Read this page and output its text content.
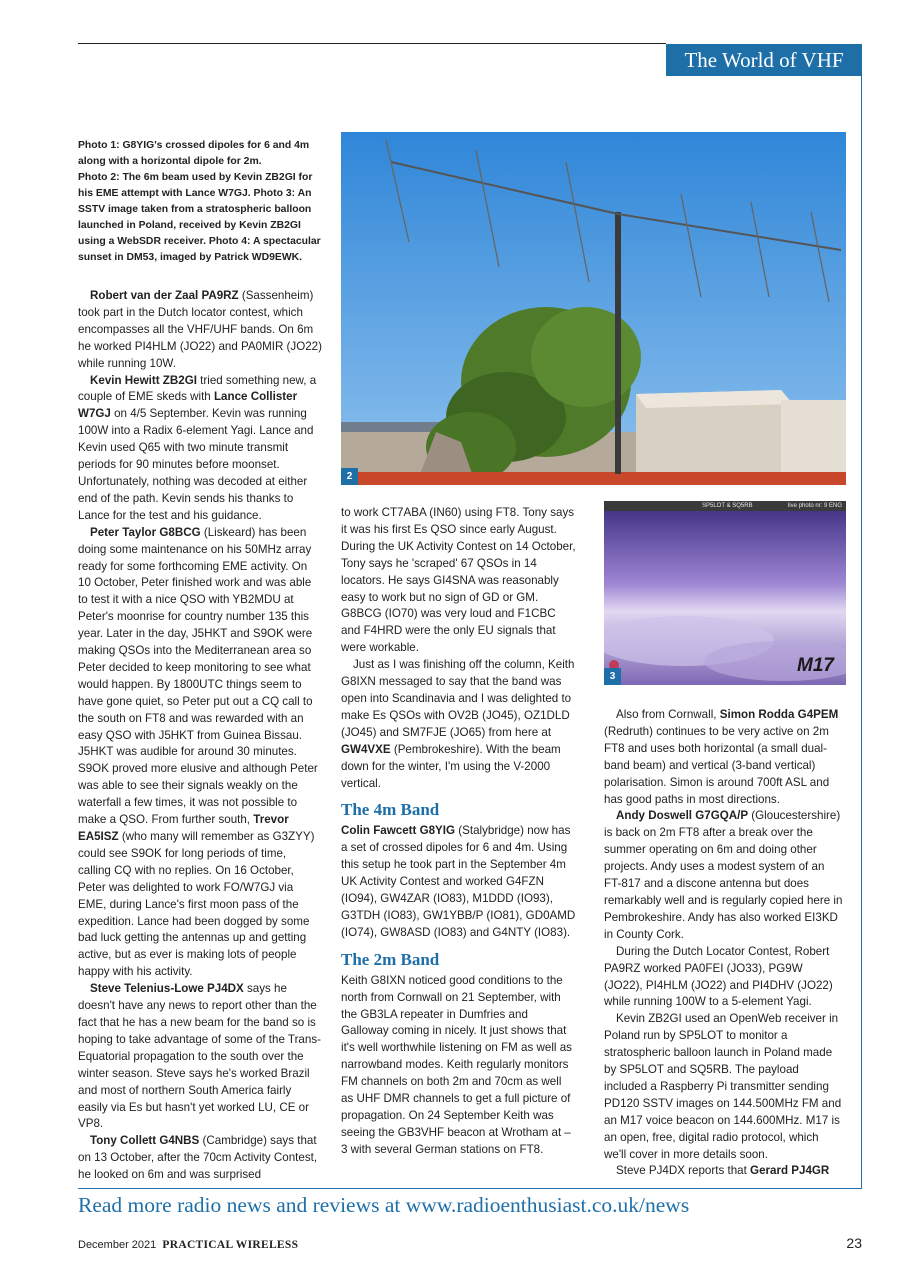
The World of VHF

Photo 1: G8YIG's crossed dipoles for 6 and 4m along with a horizontal dipole for 2m.

Photo 2: The 6m beam used by Kevin ZB2GI for his EME attempt with Lance W7GJ. Photo 3: An SSTV image taken from a stratospheric balloon launched in Poland, received by Kevin ZB2GI using a WebSDR receiver. Photo 4: A spectacular sunset in DM53, imaged by Patrick WD9EWK.

2
SP5LOT & SQ5RB	live photo nr: 9 ENG
M17
3

Robert van der Zaal PA9RZ (Sassenheim) took part in the Dutch locator contest, which encompasses all the VHF/UHF bands. On 6m he worked PI4HLM (JO22) and PA0MIR (JO22) while running 10W.

Kevin Hewitt ZB2GI tried something new, a couple of EME skeds with Lance Collister W7GJ on 4/5 September. Kevin was running 100W into a Radix 6-element Yagi. Lance and Kevin used Q65 with two minute transmit periods for 90 minutes before moonset. Unfortunately, nothing was decoded at either end of the path. Kevin sends his thanks to Lance for the test and his guidance.

Peter Taylor G8BCG (Liskeard) has been doing some maintenance on his 50MHz array ready for some forthcoming EME activity. On 10 October, Peter finished work and was able to test it with a nice QSO with YB2MDU at Peter's moonrise for country number 135 this year. Later in the day, J5HKT and S9OK were making QSOs into the Mediterranean area so Peter decided to keep monitoring to see what would happen. By 1800UTC things seem to have gone quiet, so Peter put out a CQ call to the south on FT8 and was rewarded with an easy QSO with J5HKT from Guinea Bissau. J5HKT was audible for around 30 minutes. S9OK proved more elusive and although Peter was able to see their signals weakly on the waterfall a few times, it was not possible to make a QSO. From further south, Trevor EA5ISZ (who many will remember as G3ZYY) could see S9OK for long periods of time, calling CQ with no replies. On 16 October, Peter was delighted to work FO/W7GJ via EME, during Lance's first moon pass of the expedition. Lance had been dogged by some bad luck getting the antennas up and getting active, but as ever is making lots of people happy with his activity.

Steve Telenius-Lowe PJ4DX says he doesn't have any news to report other than the fact that he has a new beam for the band so is hoping to take advantage of some of the Trans-Equatorial propagation to the south over the winter season. Steve says he's worked Brazil and most of northern South America fairly easily via Es but hasn't yet worked LU, CE or VP8.

Tony Collett G4NBS (Cambridge) says that on 13 October, after the 70cm Activity Contest, he looked on 6m and was surprised

to work CT7ABA (IN60) using FT8. Tony says it was his first Es QSO since early August. During the UK Activity Contest on 14 October, Tony says he 'scraped' 67 QSOs in 14 locators. He says GI4SNA was reasonably easy to work but no sign of GD or GM. G8BCG (IO70) was very loud and F1CBC and F4HRD were the only EU signals that were workable.

Just as I was finishing off the column, Keith G8IXN messaged to say that the band was open into Scandinavia and I was delighted to make Es QSOs with OV2B (JO45), OZ1DLD (JO45) and SM7FJE (JO65) from here at GW4VXE (Pembrokeshire). With the beam down for the winter, I'm using the V-2000 vertical.

The 4m Band

Colin Fawcett G8YIG (Stalybridge) now has a set of crossed dipoles for 6 and 4m. Using this setup he took part in the September 4m UK Activity Contest and worked G4FZN (IO94), GW4ZAR (IO83), M1DDD (IO93), G3TDH (IO83), GW1YBB/P (IO81), GD0AMD (IO74), GW8ASD (IO83) and G4NTY (IO83).

The 2m Band

Keith G8IXN noticed good conditions to the north from Cornwall on 21 September, with the GB3LA repeater in Dumfries and Galloway coming in nicely. It just shows that it's well worthwhile listening on FM as well as narrowband modes. Keith regularly monitors FM channels on both 2m and 70cm as well as UHF DMR channels to get a full picture of propagation. On 24 September Keith was seeing the GB3VHF beacon at Wrotham at –3 with several German stations on FT8.

Also from Cornwall, Simon Rodda G4PEM (Redruth) continues to be very active on 2m FT8 and uses both horizontal (a small dual-band beam) and vertical (3-band vertical) polarisation. Simon is around 700ft ASL and has good paths in most directions.

Andy Doswell G7GQA/P (Gloucestershire) is back on 2m FT8 after a break over the summer operating on 6m and doing other projects. Andy uses a modest system of an FT-817 and a discone antenna but does remarkably well and is regularly copied here in Pembrokeshire. Andy has also worked EI3KD in County Cork.

During the Dutch Locator Contest, Robert PA9RZ worked PA0FEI (JO33), PG9W (JO22), PI4HLM (JO22) and PI4DHV (JO22) while running 100W to a 5-element Yagi.

Kevin ZB2GI used an OpenWeb receiver in Poland run by SP5LOT to monitor a stratospheric balloon launch in Poland made by SP5LOT and SQ5RB. The payload included a Raspberry Pi transmitter sending PD120 SSTV images on 144.500MHz FM and an M17 voice beacon on 144.600MHz. M17 is an open, free, digital radio protocol, which we'll cover in more details soon.

Steve PJ4DX reports that Gerard PJ4GR

Read more radio news and reviews at www.radioenthusiast.co.uk/news
December 2021 PRACTICAL WIRELESS	23
